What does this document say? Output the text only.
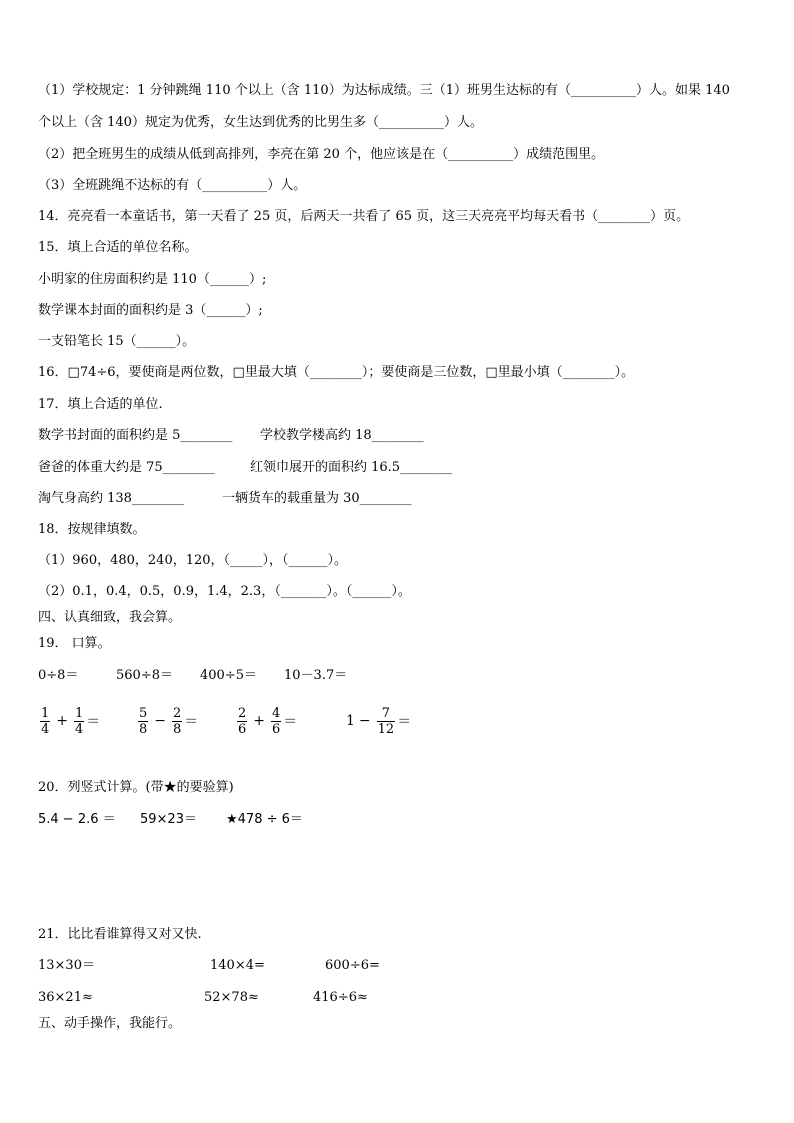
（1）学校规定：1 分钟跳绳 110 个以上（含 110）为达标成绩。三（1）班男生达标的有（__________）人。如果 140
个以上（含 140）规定为优秀，女生达到优秀的比男生多（__________）人。
（2）把全班男生的成绩从低到高排列，李亮在第 20 个，他应该是在（__________）成绩范围里。
（3）全班跳绳不达标的有（__________）人。
14．亮亮看一本童话书，第一天看了 25 页，后两天一共看了 65 页，这三天亮亮平均每天看书（________）页。
15．填上合适的单位名称。
小明家的住房面积约是 110（______）;
数学课本封面的面积约是 3（______）;
一支铅笔长 15（______）。
16．□74÷6，要使商是两位数，□里最大填（________）；要使商是三位数，□里最小填（________）。
17．填上合适的单位.
数学书封面的面积约是 5________ 学校教学楼高约 18________
爸爸的体重大约是 75________	红领巾展开的面积约 16.5________
淘气身高约 138________	一辆货车的载重量为 30________
18．按规律填数。
（1）960，480，240，120，（_____），（______）。
（2）0.1，0.4，0.5，0.9，1.4，2.3，（_______）。（______）。
四、认真细致，我会算。
19． 口算。
0÷8＝	560÷8＝ 400÷5＝ 10－3.7＝
$\frac{1}{4} + \frac{1}{4}$ ＝	$\frac{5}{8} - \frac{2}{8}$ ＝	$\frac{2}{6} + \frac{4}{6}$ ＝	$1 - \frac{7}{12}$ ＝
20．列竖式计算。(带★的要验算)
5.4 − 2.6 ＝ 59×23＝ ★478 ÷ 6＝
21．比比看谁算得又对又快.
13×30＝	140×4=	600÷6=
36×21≈	52×78≈	416÷6≈
五、动手操作，我能行。
